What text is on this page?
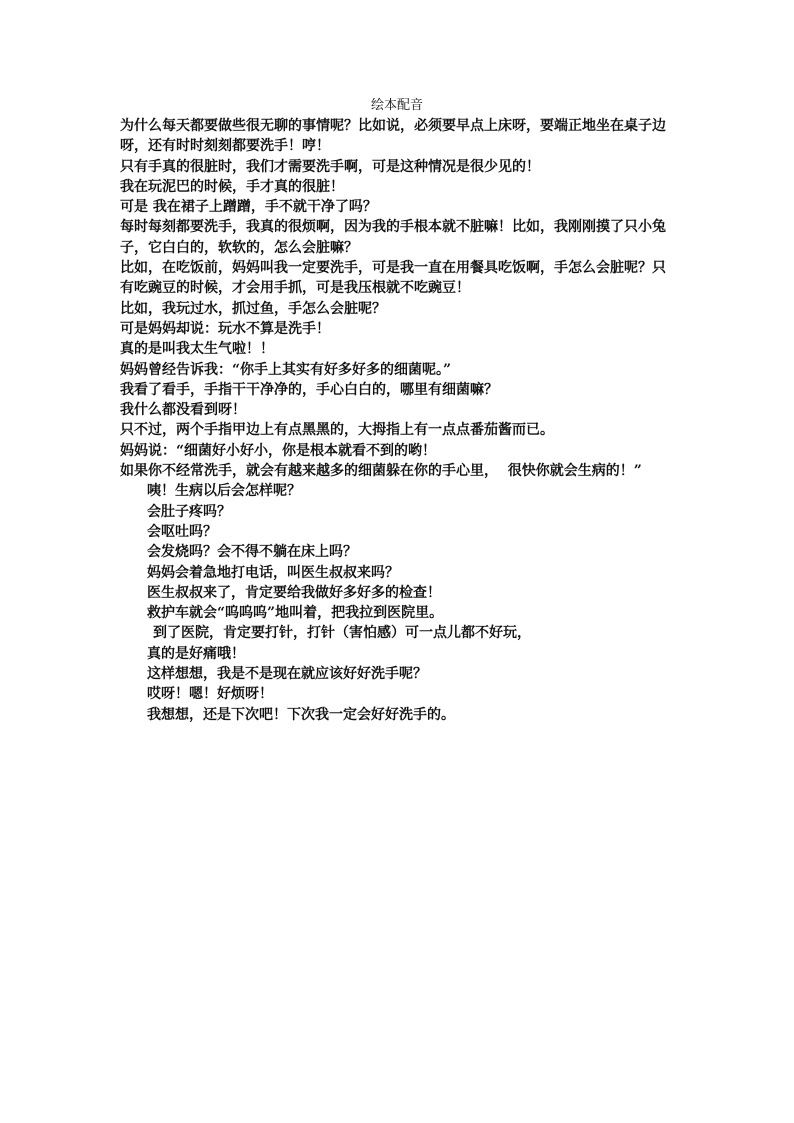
绘本配音
为什么每天都要做些很无聊的事情呢？比如说，必须要早点上床呀，要端正地坐在桌子边
呀，还有时时刻刻都要洗手！哼！
只有手真的很脏时，我们才需要洗手啊，可是这种情况是很少见的！
我在玩泥巴的时候，手才真的很脏！
可是 我在裙子上蹭蹭，手不就干净了吗？
每时每刻都要洗手，我真的很烦啊，因为我的手根本就不脏嘛！比如，我刚刚摸了只小兔
子，它白白的，软软的，怎么会脏嘛？
比如，在吃饭前，妈妈叫我一定要洗手，可是我一直在用餐具吃饭啊，手怎么会脏呢？只
有吃豌豆的时候，才会用手抓，可是我压根就不吃豌豆！
比如，我玩过水，抓过鱼，手怎么会脏呢？
可是妈妈却说：玩水不算是洗手！
真的是叫我太生气啦！！
妈妈曾经告诉我：“你手上其实有好多好多的细菌呢。”
我看了看手，手指干干净净的，手心白白的，哪里有细菌嘛？
我什么都没看到呀！
只不过，两个手指甲边上有点黑黑的，大拇指上有一点点番茄酱而已。
妈妈说：“细菌好小好小，你是根本就看不到的哟！
如果你不经常洗手，就会有越来越多的细菌躲在你的手心里，  很快你就会生病的！”
咦！生病以后会怎样呢？
会肚子疼吗？
会呕吐吗？
会发烧吗？会不得不躺在床上吗？
妈妈会着急地打电话，叫医生叔叔来吗？
医生叔叔来了，肯定要给我做好多好多的检查！
救护车就会“呜呜呜”地叫着，把我拉到医院里。
到了医院，肯定要打针，打针（害怕感）可一点儿都不好玩，
真的是好痛哦！
这样想想，我是不是现在就应该好好洗手呢？
哎呀！嗯！好烦呀！
我想想，还是下次吧！下次我一定会好好洗手的。
